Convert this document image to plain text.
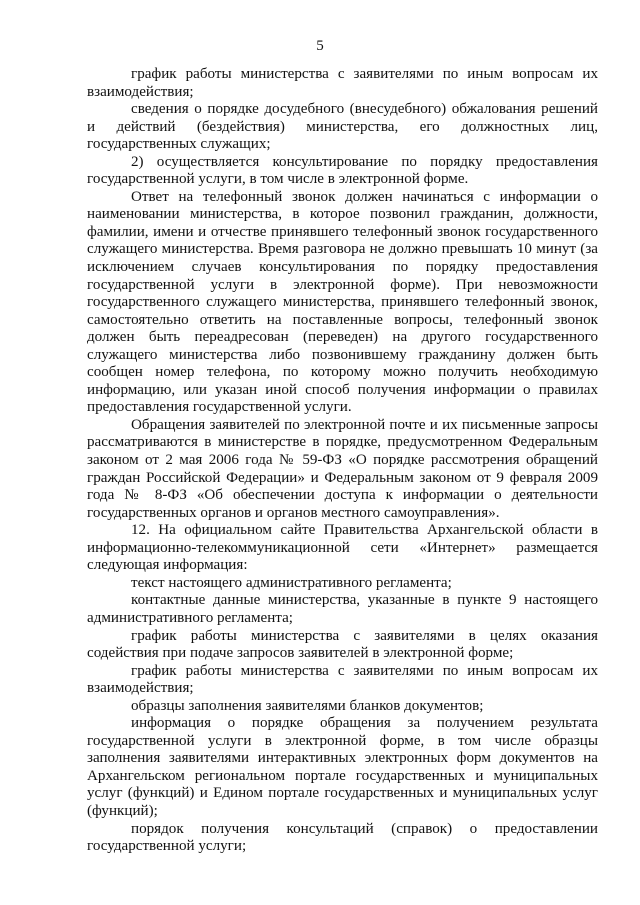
5

график работы министерства с заявителями по иным вопросам их взаимодействия;

сведения о порядке досудебного (внесудебного) обжалования решений и действий (бездействия) министерства, его должностных лиц, государственных служащих;

2) осуществляется консультирование по порядку предоставления государственной услуги, в том числе в электронной форме.

Ответ на телефонный звонок должен начинаться с информации о наименовании министерства, в которое позвонил гражданин, должности, фамилии, имени и отчестве принявшего телефонный звонок государственного служащего министерства. Время разговора не должно превышать 10 минут (за исключением случаев консультирования по порядку предоставления государственной услуги в электронной форме). При невозможности государственного служащего министерства, принявшего телефонный звонок, самостоятельно ответить на поставленные вопросы, телефонный звонок должен быть переадресован (переведен) на другого государственного служащего министерства либо позвонившему гражданину должен быть сообщен номер телефона, по которому можно получить необходимую информацию, или указан иной способ получения информации о правилах предоставления государственной услуги.

Обращения заявителей по электронной почте и их письменные запросы рассматриваются в министерстве в порядке, предусмотренном Федеральным законом от 2 мая 2006 года № 59-ФЗ «О порядке рассмотрения обращений граждан Российской Федерации» и Федеральным законом от 9 февраля 2009 года № 8-ФЗ «Об обеспечении доступа к информации о деятельности государственных органов и органов местного самоуправления».

12. На официальном сайте Правительства Архангельской области в информационно-телекоммуникационной сети «Интернет» размещается следующая информация:

текст настоящего административного регламента;

контактные данные министерства, указанные в пункте 9 настоящего административного регламента;

график работы министерства с заявителями в целях оказания содействия при подаче запросов заявителей в электронной форме;

график работы министерства с заявителями по иным вопросам их взаимодействия;

образцы заполнения заявителями бланков документов;

информация о порядке обращения за получением результата государственной услуги в электронной форме, в том числе образцы заполнения заявителями интерактивных электронных форм документов на Архангельском региональном портале государственных и муниципальных услуг (функций) и Едином портале государственных и муниципальных услуг (функций);

порядок получения консультаций (справок) о предоставлении государственной услуги;
